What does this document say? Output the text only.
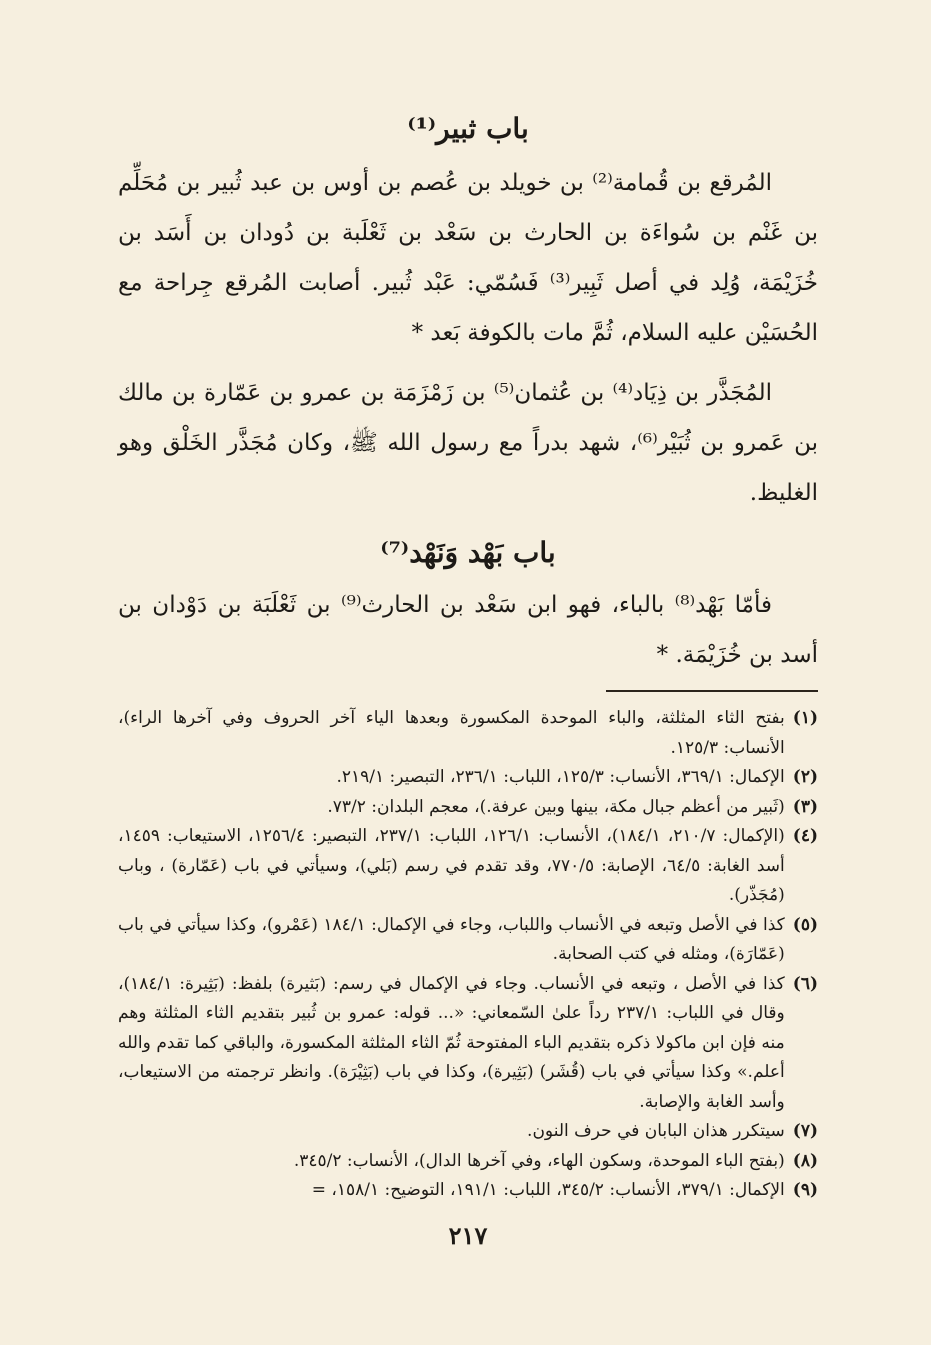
باب ثبير⁽¹⁾

المُرقع بن قُمامة⁽²⁾ بن خويلد بن عُصم بن أوس بن عبد ثُبير بن مُحَلِّم بن غَنْم بن سُواءَة بن الحارث بن سَعْد بن ثَعْلَبة بن دُودان بن أَسَد بن خُزَيْمَة، وُلِد في أصل ثَبِير⁽³⁾ فَسُمّي: عَبْد ثُبير. أصابت المُرقع جِراحة مع الحُسَيْن عليه السلام، ثُمَّ مات بالكوفة بَعد *

المُجَذَّر بن ذِيَاد⁽⁴⁾ بن عُثمان⁽⁵⁾ بن زَمْزَمَة بن عمرو بن عَمّارة بن مالك بن عَمرو بن ثُبَيْر⁽⁶⁾، شهد بدراً مع رسول الله ﷺ، وكان مُجَذَّر الخَلْق وهو الغليظ.

باب بَهْد وَنَهْد⁽⁷⁾

فأمّا بَهْد⁽⁸⁾ بالباء، فهو ابن سَعْد بن الحارث⁽⁹⁾ بن ثَعْلَبَة بن دَوْدان بن أسد بن خُزَيْمَة. *

(١)
بفتح الثاء المثلثة، والباء الموحدة المكسورة وبعدها الياء آخر الحروف وفي آخرها الراء)، الأنساب: ١٢٥/٣.
(٢)
الإكمال: ٣٦٩/١، الأنساب: ١٢٥/٣، اللباب: ٢٣٦/١، التبصير: ٢١٩/١.
(٣)
(ثَبير من أعظم جبال مكة، بينها وبين عرفة.)، معجم البلدان: ٧٣/٢.
(٤)
(الإكمال: ٢١٠/٧، ١٨٤/١)، الأنساب: ١٢٦/١، اللباب: ٢٣٧/١، التبصير: ١٢٥٦/٤، الاستيعاب: ١٤٥٩، أسد الغابة: ٦٤/٥، الإصابة: ٧٧٠/٥، وقد تقدم في رسم (بَلي)، وسيأتي في باب (عَمّارة) ، وباب (مُجَذّر).
(٥)
كذا في الأصل وتبعه في الأنساب واللباب، وجاء في الإكمال: ١٨٤/١ (عَمْرو)، وكذا سيأتي في باب (عَمّارَة)، ومثله في كتب الصحابة.
(٦)
كذا في الأصل ، وتبعه في الأنساب. وجاء في الإكمال في رسم: (بَثيرة) بلفظ: (بَثِيرة: ١٨٤/١)، وقال في اللباب: ٢٣٧/١ رداً علىٰ السّمعاني: «... قوله: عمرو بن ثُبير بتقديم الثاء المثلثة وهم منه فإن ابن ماكولا ذكره بتقديم الباء المفتوحة ثُمّ الثاء المثلثة المكسورة، والباقي كما تقدم والله أعلم.» وكذا سيأتي في باب (قُشَر) (بَثِيرة)، وكذا في باب (بَثِيْرَة). وانظر ترجمته من الاستيعاب، وأسد الغابة والإصابة.
(٧)
سيتكرر هذان البابان في حرف النون.
(٨)
(بفتح الباء الموحدة، وسكون الهاء، وفي آخرها الدال)، الأنساب: ٣٤٥/٢.
(٩)
الإكمال: ٣٧٩/١، الأنساب: ٣٤٥/٢، اللباب: ١٩١/١، التوضيح: ١٥٨/١، =
٢١٧
